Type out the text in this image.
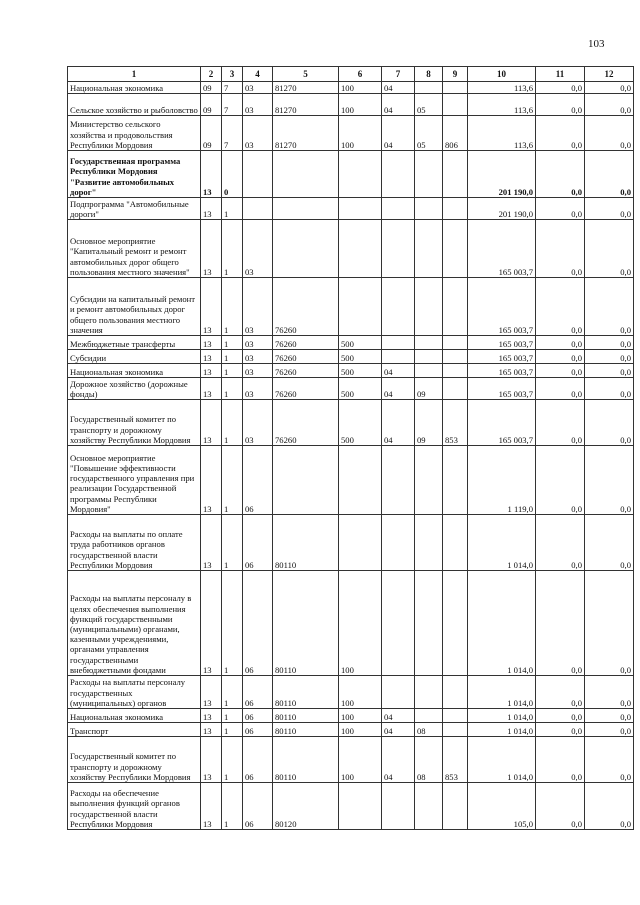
103
1	2	3	4	5	6	7	8	9	10	11	12
Национальная экономика	09	7	03	81270	100	04			113,6	0,0	0,0
Сельское хозяйство и рыболовство	09	7	03	81270	100	04	05		113,6	0,0	0,0
Министерство сельского хозяйства и продовольствия Республики Мордовия	09	7	03	81270	100	04	05	806	113,6	0,0	0,0
Государственная программа Республики Мордовия "Развитие автомобильных дорог"	13	0							201 190,0	0,0	0,0
Подпрограмма "Автомобильные дороги"	13	1							201 190,0	0,0	0,0
Основное мероприятие "Капитальный ремонт и ремонт автомобильных дорог общего пользования местного значения"	13	1	03						165 003,7	0,0	0,0
Субсидии на капитальный ремонт и ремонт автомобильных дорог общего пользования местного значения	13	1	03	76260					165 003,7	0,0	0,0
Межбюджетные трансферты	13	1	03	76260	500				165 003,7	0,0	0,0
Субсидии	13	1	03	76260	500				165 003,7	0,0	0,0
Национальная экономика	13	1	03	76260	500	04			165 003,7	0,0	0,0
Дорожное хозяйство (дорожные фонды)	13	1	03	76260	500	04	09		165 003,7	0,0	0,0
Государственный комитет по транспорту и дорожному хозяйству Республики Мордовия	13	1	03	76260	500	04	09	853	165 003,7	0,0	0,0
Основное мероприятие "Повышение эффективности государственного управления при реализации Государственной программы Республики Мордовия"	13	1	06						1 119,0	0,0	0,0
Расходы на выплаты по оплате труда работников органов государственной власти Республики Мордовия	13	1	06	80110					1 014,0	0,0	0,0
Расходы на выплаты персоналу в целях обеспечения выполнения функций государственными (муниципальными) органами, казенными учреждениями, органами управления государственными внебюджетными фондами	13	1	06	80110	100				1 014,0	0,0	0,0
Расходы на выплаты персоналу государственных (муниципальных) органов	13	1	06	80110	100				1 014,0	0,0	0,0
Национальная экономика	13	1	06	80110	100	04			1 014,0	0,0	0,0
Транспорт	13	1	06	80110	100	04	08		1 014,0	0,0	0,0
Государственный комитет по транспорту и дорожному хозяйству Республики Мордовия	13	1	06	80110	100	04	08	853	1 014,0	0,0	0,0
Расходы на обеспечение выполнения функций органов государственной власти Республики Мордовия	13	1	06	80120					105,0	0,0	0,0
